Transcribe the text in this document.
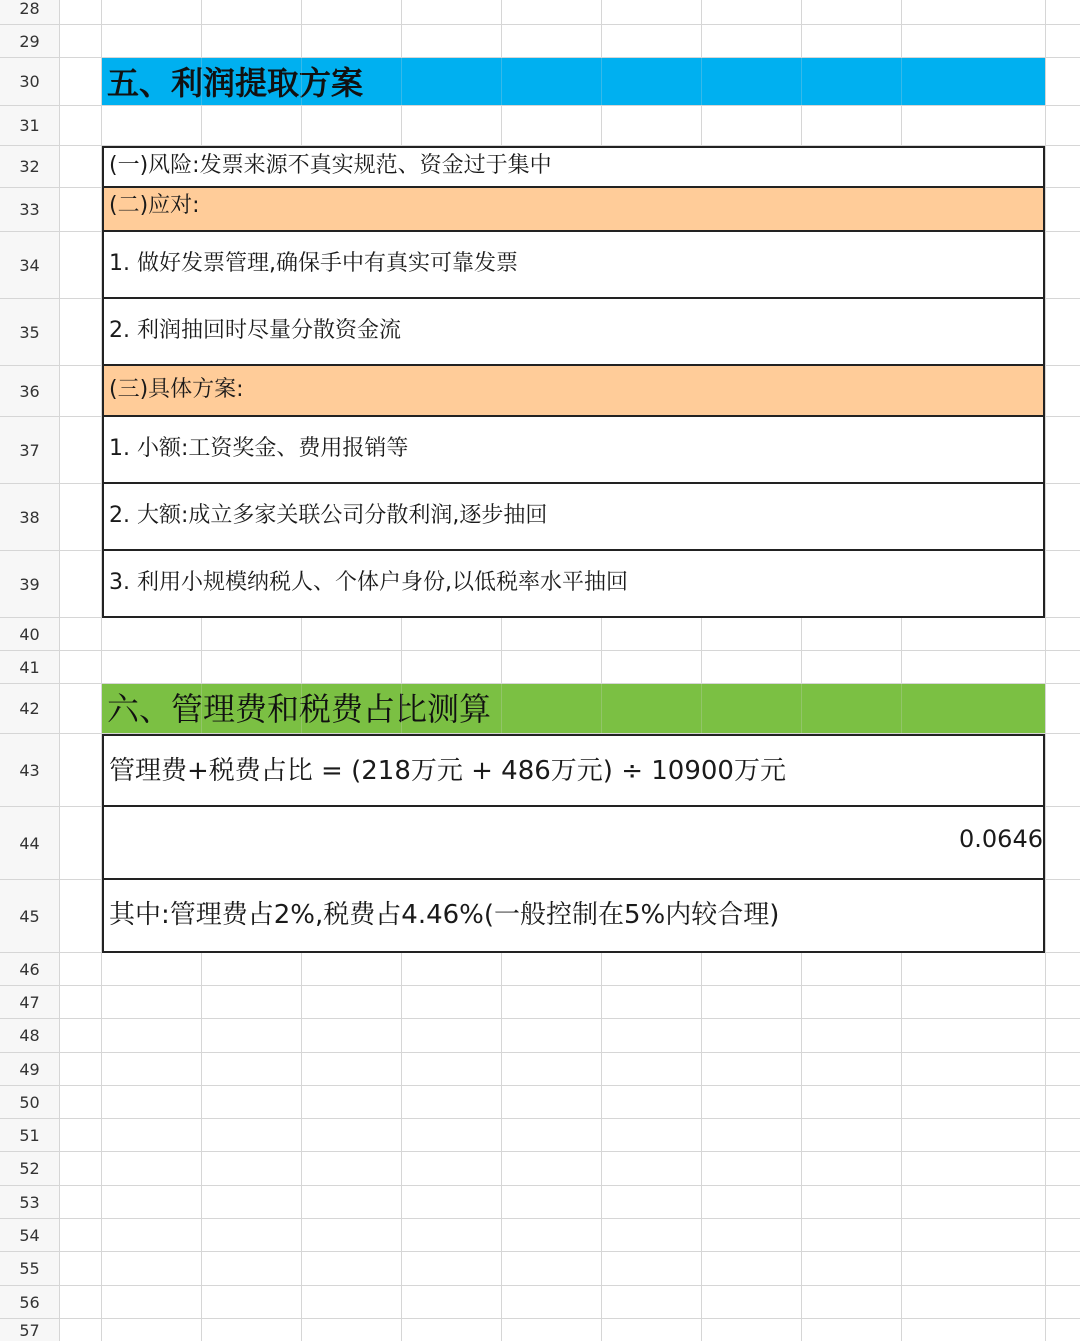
28
29
30	五、利润提取方案
31
32	(一)风险:发票来源不真实规范、资金过于集中
33	(二)应对:
34	1. 做好发票管理,确保手中有真实可靠发票
35	2. 利润抽回时尽量分散资金流
36	(三)具体方案:
37	1. 小额:工资奖金、费用报销等
38	2. 大额:成立多家关联公司分散利润,逐步抽回
39	3. 利用小规模纳税人、个体户身份,以低税率水平抽回
40
41
42	六、管理费和税费占比测算
43	管理费+税费占比 = (218万元 + 486万元) ÷ 10900万元
44	0.0646
45	其中:管理费占2%,税费占4.46%(一般控制在5%内较合理)
46
47
48
49
50
51
52
53
54
55
56
57
